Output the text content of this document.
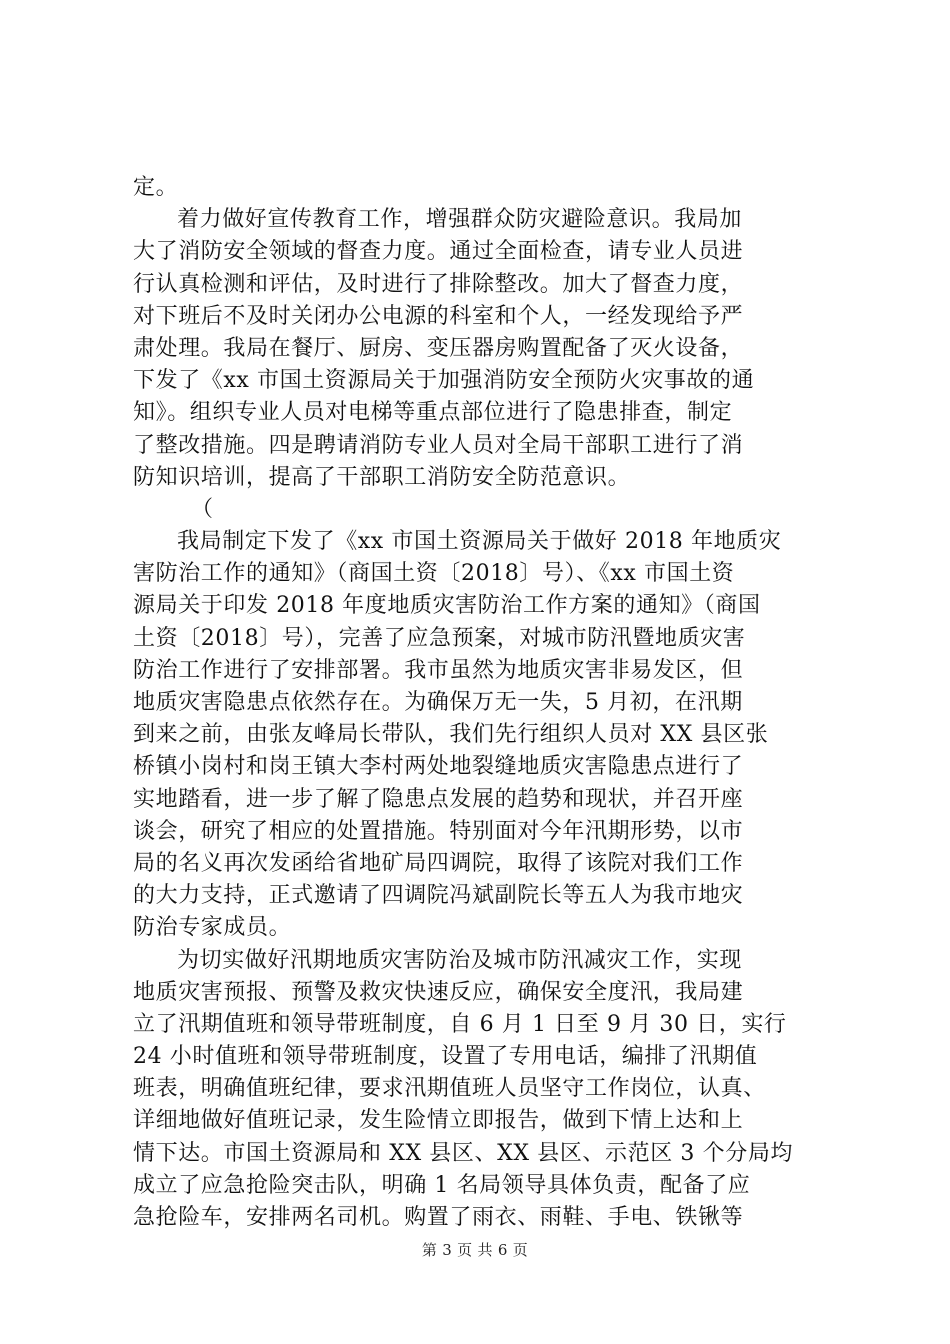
定。
着力做好宣传教育工作，增强群众防灾避险意识。我局加
大了消防安全领域的督查力度。通过全面检查，请专业人员进
行认真检测和评估，及时进行了排除整改。加大了督查力度，
对下班后不及时关闭办公电源的科室和个人，一经发现给予严
肃处理。我局在餐厅、厨房、变压器房购置配备了灭火设备，
下发了《xx 市国土资源局关于加强消防安全预防火灾事故的通
知》。组织专业人员对电梯等重点部位进行了隐患排查，制定
了整改措施。四是聘请消防专业人员对全局干部职工进行了消
防知识培训，提高了干部职工消防安全防范意识。
（
我局制定下发了《xx 市国土资源局关于做好 2018 年地质灾
害防治工作的通知》（商国土资〔2018〕号）、《xx 市国土资
源局关于印发 2018 年度地质灾害防治工作方案的通知》（商国
土资〔2018〕号），完善了应急预案，对城市防汛暨地质灾害
防治工作进行了安排部署。我市虽然为地质灾害非易发区，但
地质灾害隐患点依然存在。为确保万无一失，5 月初，在汛期
到来之前，由张友峰局长带队，我们先行组织人员对 XX 县区张
桥镇小岗村和岗王镇大李村两处地裂缝地质灾害隐患点进行了
实地踏看，进一步了解了隐患点发展的趋势和现状，并召开座
谈会，研究了相应的处置措施。特别面对今年汛期形势，以市
局的名义再次发函给省地矿局四调院，取得了该院对我们工作
的大力支持，正式邀请了四调院冯斌副院长等五人为我市地灾
防治专家成员。
为切实做好汛期地质灾害防治及城市防汛减灾工作，实现
地质灾害预报、预警及救灾快速反应，确保安全度汛，我局建
立了汛期值班和领导带班制度，自 6 月 1 日至 9 月 30 日，实行
24 小时值班和领导带班制度，设置了专用电话，编排了汛期值
班表，明确值班纪律，要求汛期值班人员坚守工作岗位，认真、
详细地做好值班记录，发生险情立即报告，做到下情上达和上
情下达。市国土资源局和 XX 县区、XX 县区、示范区 3 个分局均
成立了应急抢险突击队，明确 1 名局领导具体负责，配备了应
急抢险车，安排两名司机。购置了雨衣、雨鞋、手电、铁锹等
第 3 页 共 6 页
